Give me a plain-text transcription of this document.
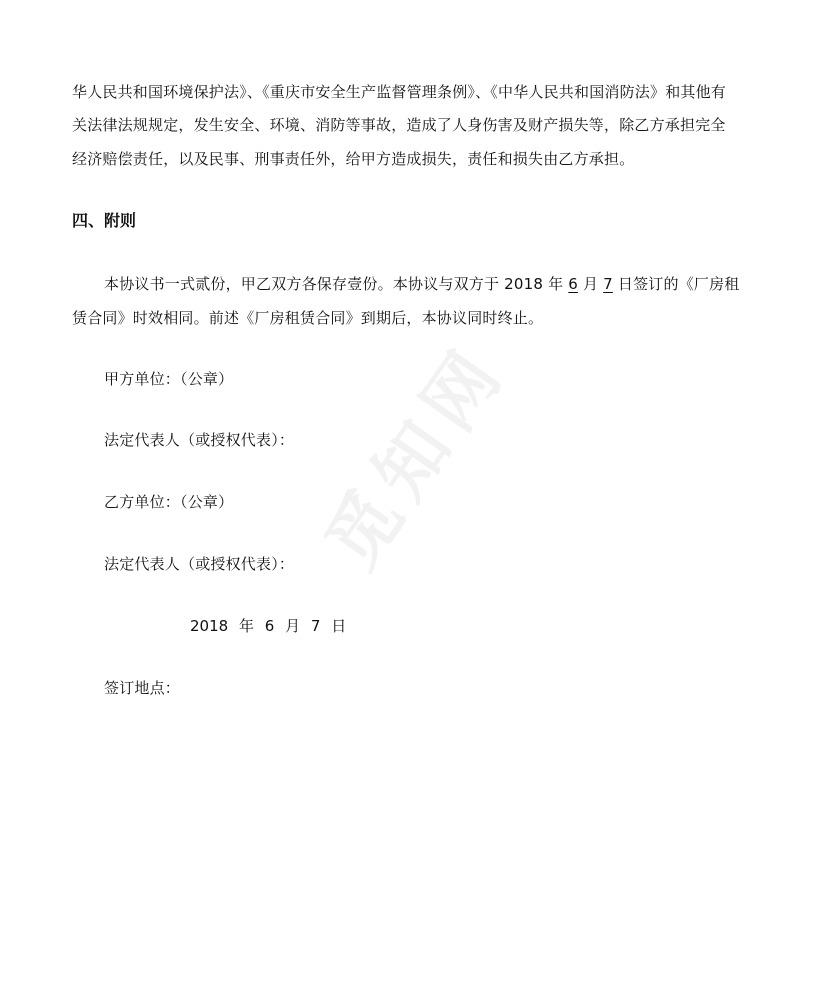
华人民共和国环境保护法》、《重庆市安全生产监督管理条例》、《中华人民共和国消防法》和其他有
关法律法规规定，发生安全、环境、消防等事故，造成了人身伤害及财产损失等，除乙方承担完全
经济赔偿责任，以及民事、刑事责任外，给甲方造成损失，责任和损失由乙方承担。
四、附则
本协议书一式贰份，甲乙双方各保存壹份。本协议与双方于 2018 年 6 月 7 日签订的《厂房租
赁合同》时效相同。前述《厂房租赁合同》到期后，本协议同时终止。
甲方单位：（公章）
法定代表人（或授权代表）：
乙方单位：（公章）
法定代表人（或授权代表）：
2018 年 6 月 7 日
签订地点：
觅知网
